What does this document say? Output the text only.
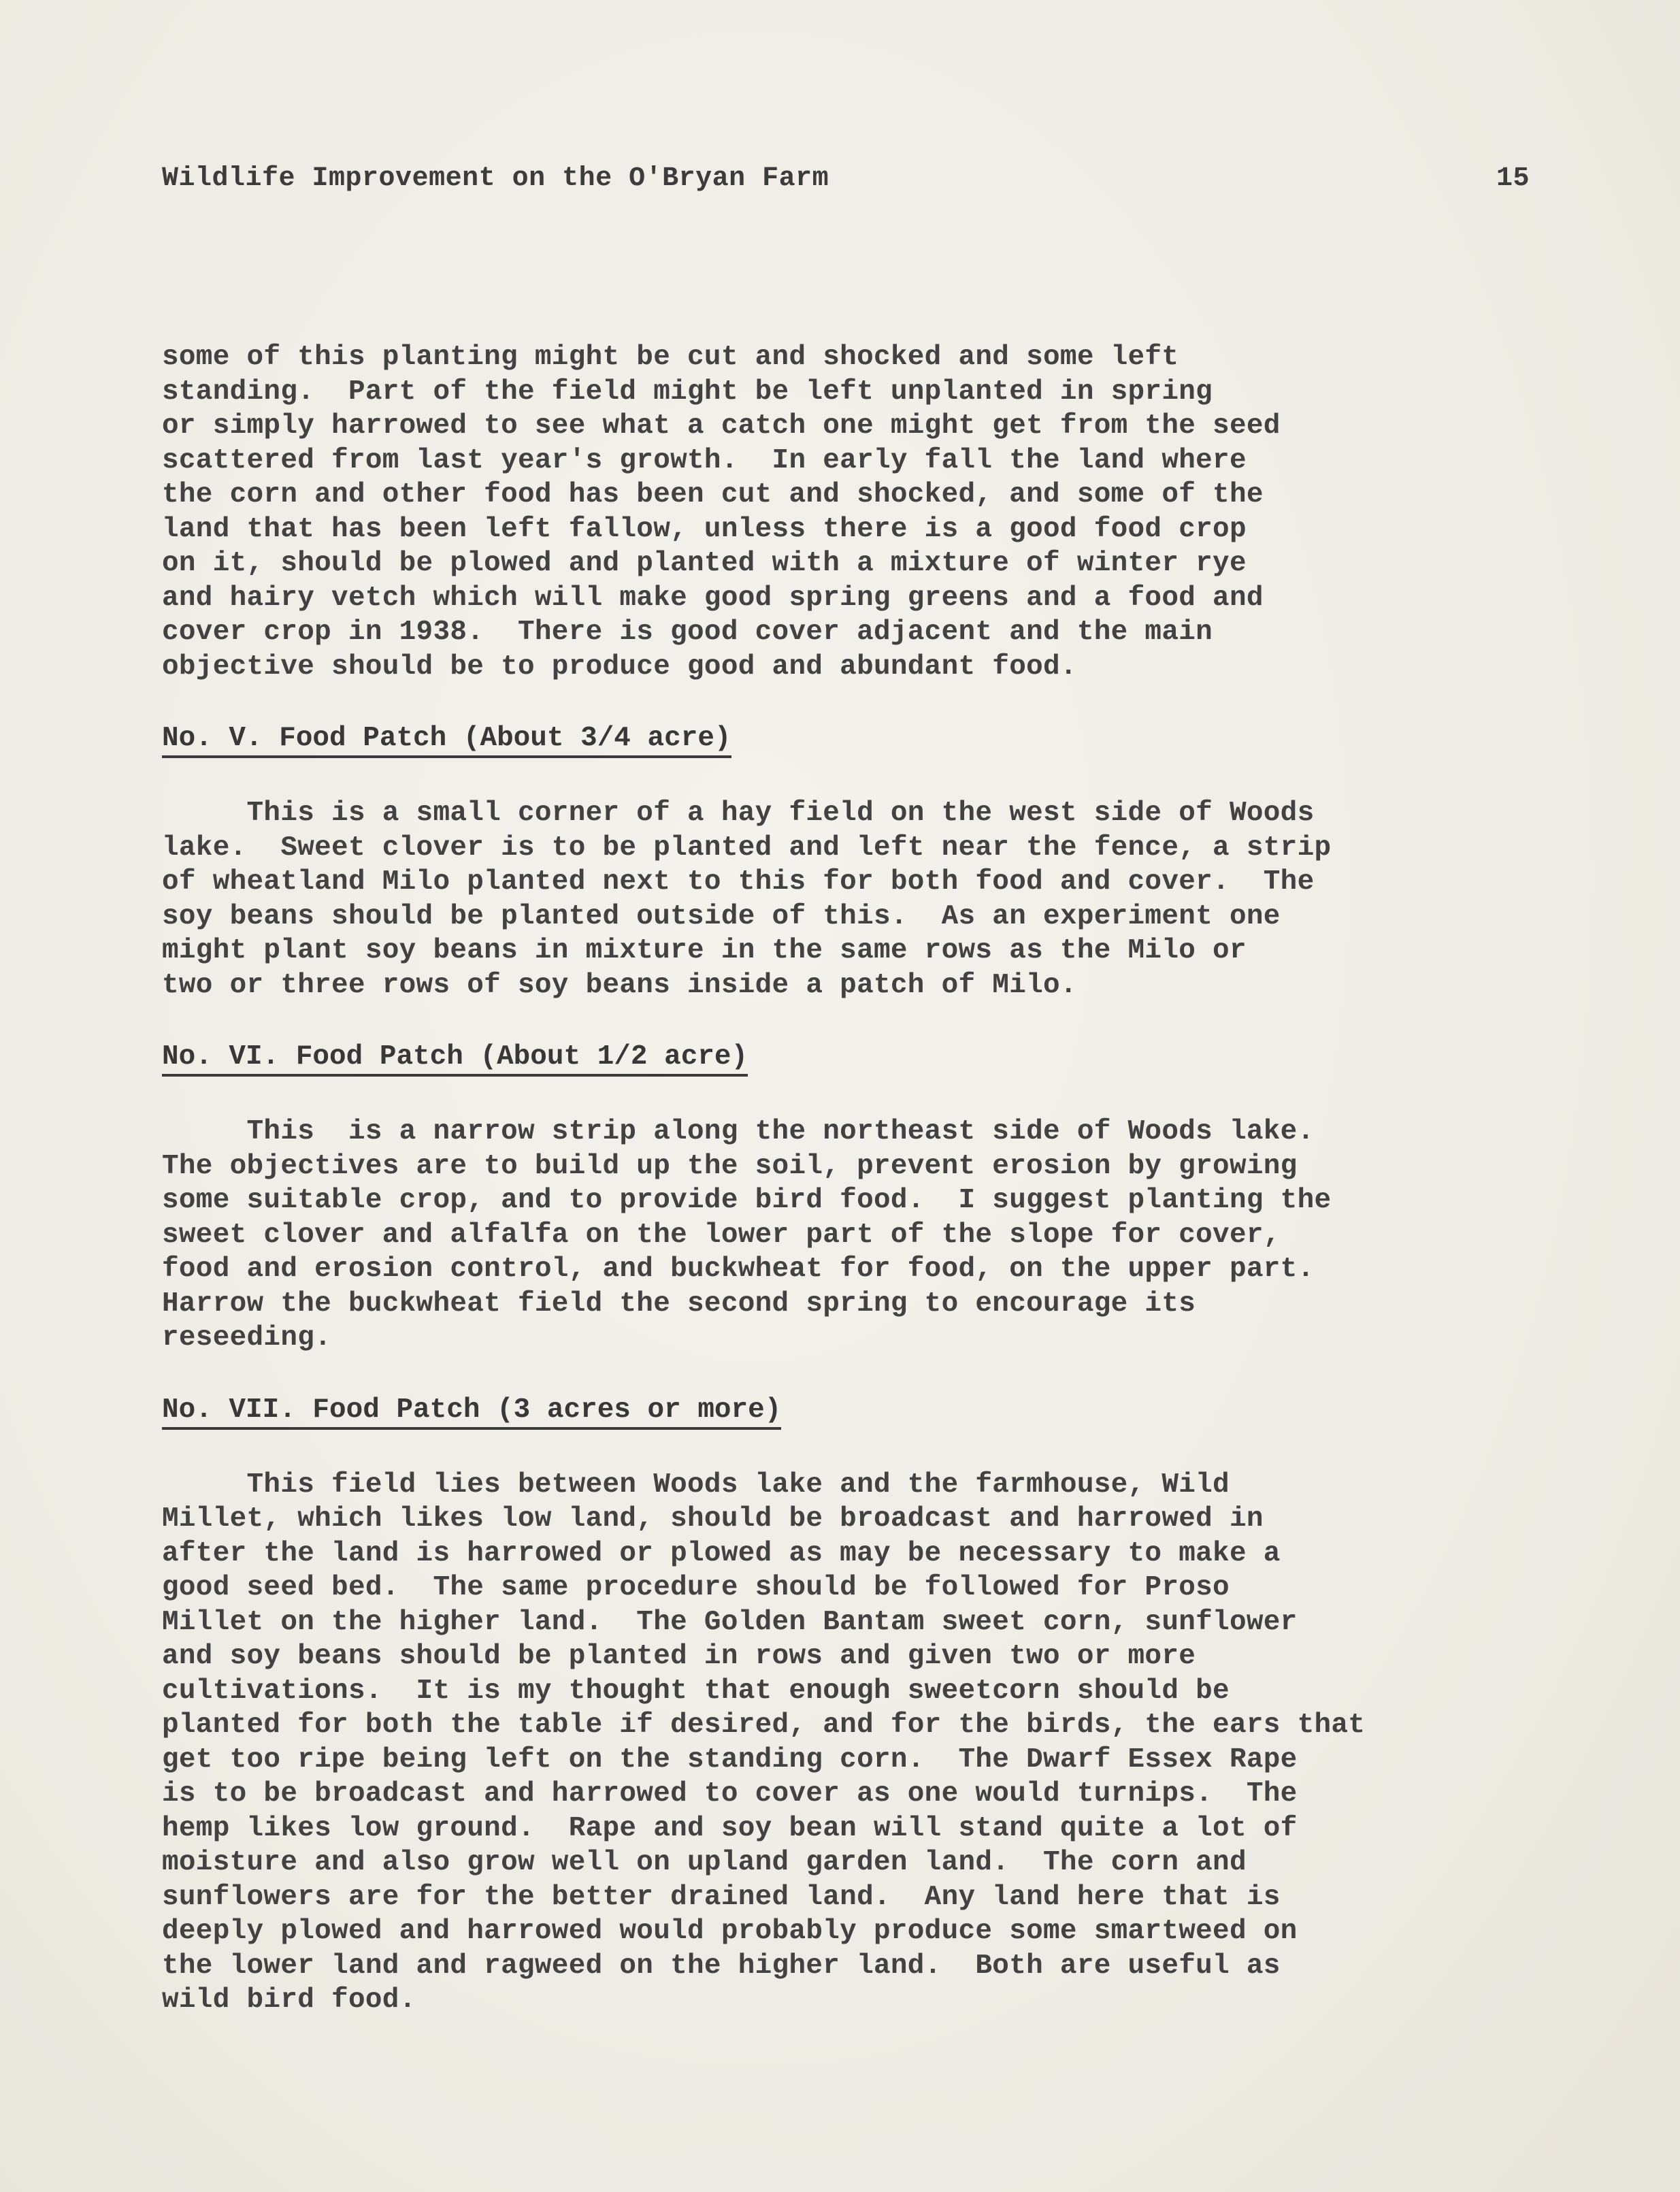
Wildlife Improvement on the O'Bryan Farm	15

some of this planting might be cut and shocked and some left
standing.  Part of the field might be left unplanted in spring
or simply harrowed to see what a catch one might get from the seed
scattered from last year's growth.  In early fall the land where
the corn and other food has been cut and shocked, and some of the
land that has been left fallow, unless there is a good food crop
on it, should be plowed and planted with a mixture of winter rye
and hairy vetch which will make good spring greens and a food and
cover crop in 1938.  There is good cover adjacent and the main
objective should be to produce good and abundant food.

No. V. Food Patch (About 3/4 acre)

This is a small corner of a hay field on the west side of Woods
lake.  Sweet clover is to be planted and left near the fence, a strip
of wheatland Milo planted next to this for both food and cover.  The
soy beans should be planted outside of this.  As an experiment one
might plant soy beans in mixture in the same rows as the Milo or
two or three rows of soy beans inside a patch of Milo.

No. VI. Food Patch (About 1/2 acre)

This  is a narrow strip along the northeast side of Woods lake.
The objectives are to build up the soil, prevent erosion by growing
some suitable crop, and to provide bird food.  I suggest planting the
sweet clover and alfalfa on the lower part of the slope for cover,
food and erosion control, and buckwheat for food, on the upper part.
Harrow the buckwheat field the second spring to encourage its
reseeding.

No. VII. Food Patch (3 acres or more)

This field lies between Woods lake and the farmhouse, Wild
Millet, which likes low land, should be broadcast and harrowed in
after the land is harrowed or plowed as may be necessary to make a
good seed bed.  The same procedure should be followed for Proso
Millet on the higher land.  The Golden Bantam sweet corn, sunflower
and soy beans should be planted in rows and given two or more
cultivations.  It is my thought that enough sweetcorn should be
planted for both the table if desired, and for the birds, the ears that
get too ripe being left on the standing corn.  The Dwarf Essex Rape
is to be broadcast and harrowed to cover as one would turnips.  The
hemp likes low ground.  Rape and soy bean will stand quite a lot of
moisture and also grow well on upland garden land.  The corn and
sunflowers are for the better drained land.  Any land here that is
deeply plowed and harrowed would probably produce some smartweed on
the lower land and ragweed on the higher land.  Both are useful as
wild bird food.
